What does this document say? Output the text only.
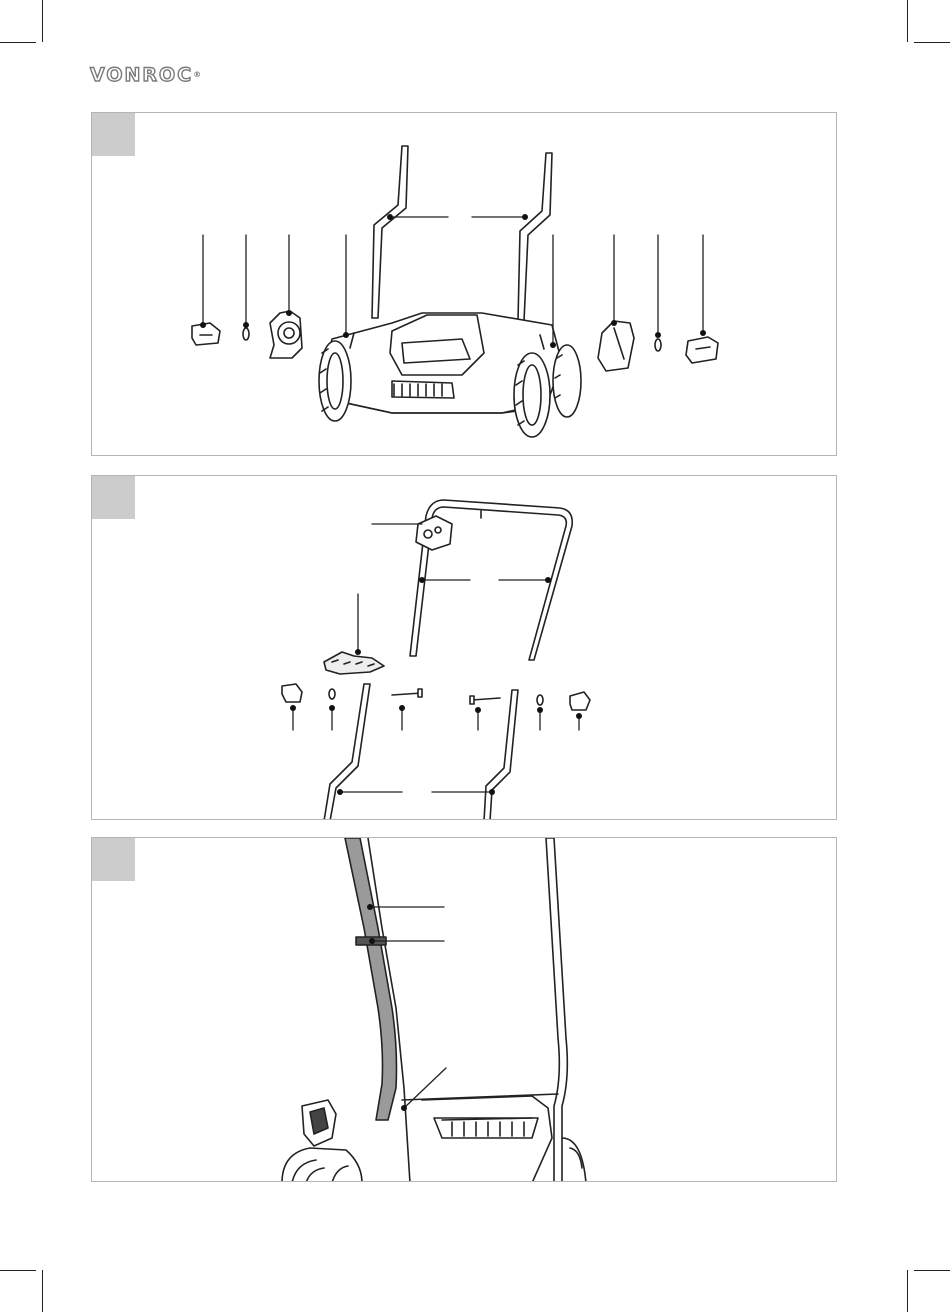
VONROC®
